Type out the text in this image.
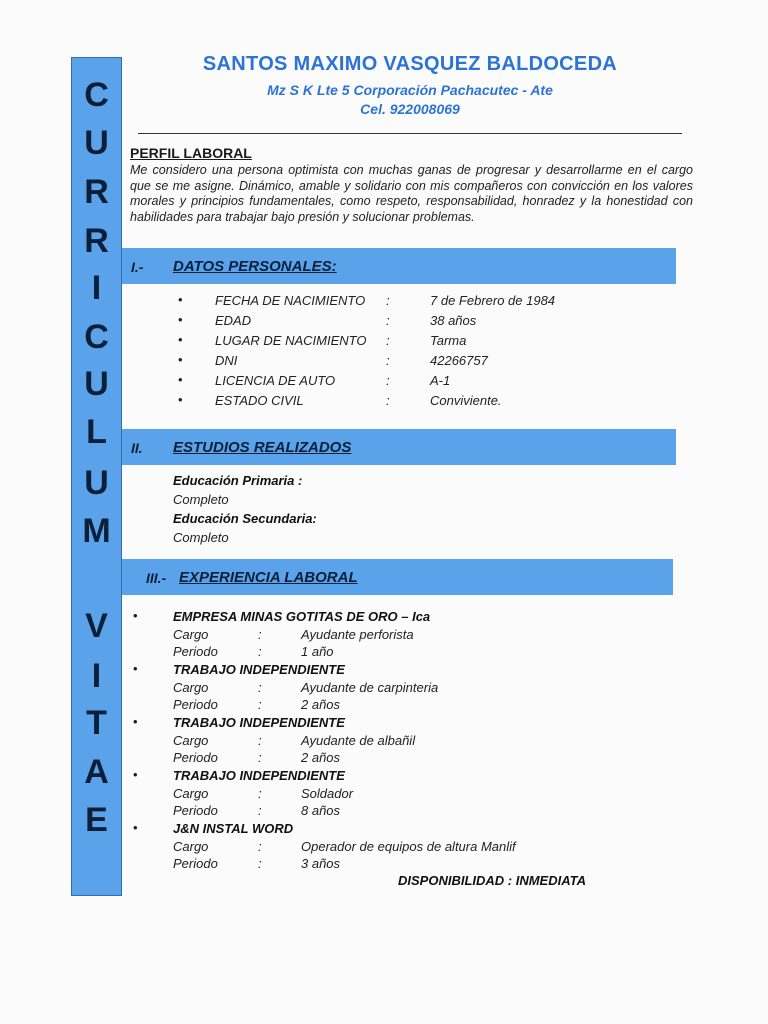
C
U
R
R
I
C
U
L
U
M
V
I
T
A
E
SANTOS MAXIMO VASQUEZ BALDOCEDA
Mz S K Lte 5 Corporación Pachacutec - Ate
Cel. 922008069
PERFIL LABORAL
Me considero una persona optimista con muchas ganas de progresar y desarrollarme en el cargo que se me asigne. Dinámico, amable y solidario con mis compañeros con convicción en los valores morales y principios fundamentales, como respeto, responsabilidad, honradez y la honestidad con habilidades para trabajar bajo presión y solucionar problemas.
I.- DATOS PERSONALES:
• FECHA DE NACIMIENTO :	7 de Febrero de 1984
• EDAD	:	38 años
• LUGAR DE NACIMIENTO :	Tarma
• DNI	:	42266757
• LICENCIA DE AUTO	:	A-1
• ESTADO CIVIL	:	Conviviente.
II. ESTUDIOS REALIZADOS
Educación Primaria :
Completo
Educación Secundaria:
Completo
III.- EXPERIENCIA LABORAL
•	EMPRESA MINAS GOTITAS DE ORO – Ica
Cargo	:	Ayudante perforista
Periodo	:	1 año
•	TRABAJO INDEPENDIENTE
Cargo	:	Ayudante de carpinteria
Periodo	:	2 años
•	TRABAJO INDEPENDIENTE
Cargo	:	Ayudante de albañil
Periodo	:	2 años
•	TRABAJO INDEPENDIENTE
Cargo	:	Soldador
Periodo	:	8 años
•	J&N INSTAL WORD
Cargo	:	Operador de equipos de altura Manlif
Periodo	:	3 años
DISPONIBILIDAD : INMEDIATA
